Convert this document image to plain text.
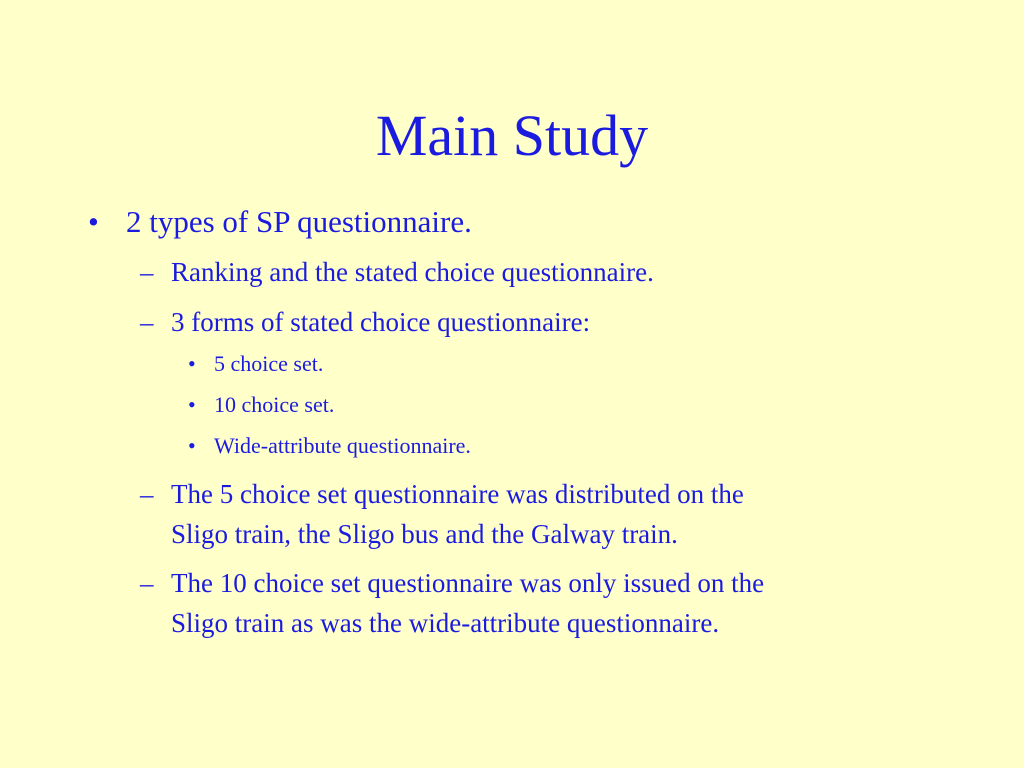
Main Study
• 2 types of SP questionnaire.
– Ranking and the stated choice questionnaire.
– 3 forms of stated choice questionnaire:
• 5 choice set.
• 10 choice set.
• Wide-attribute questionnaire.
– The 5 choice set questionnaire was distributed on the
Sligo train, the Sligo bus and the Galway train.
– The 10 choice set questionnaire was only issued on the
Sligo train as was the wide-attribute questionnaire.
